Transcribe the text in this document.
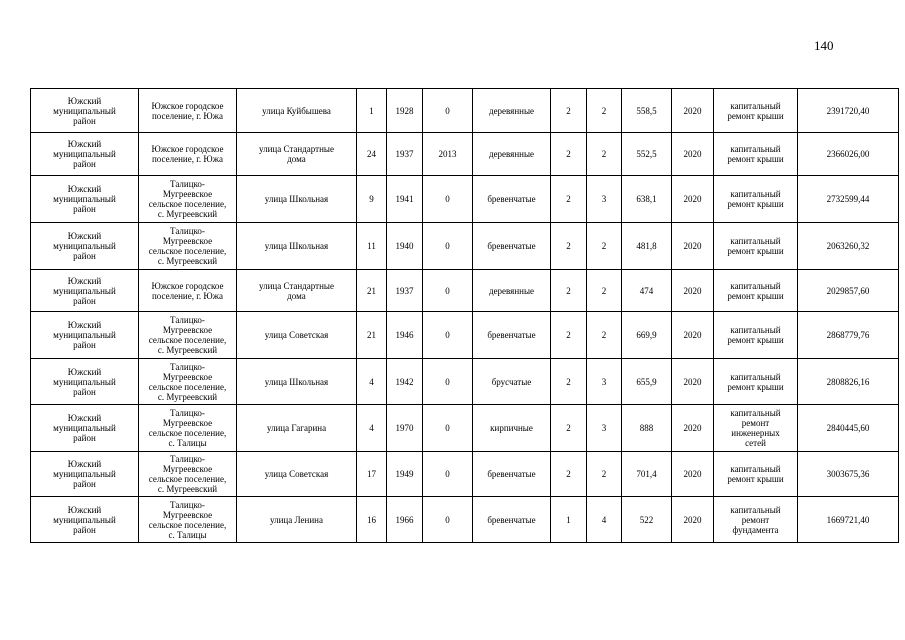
140
Южский
муниципальный
район	Южское городское
поселение, г. Южа	улица Куйбышева	1	1928	0	деревянные	2	2	558,5	2020	капитальный
ремонт крыши	2391720,40

Южский
муниципальный
район	Южское городское
поселение, г. Южа	улица Стандартные
дома	24	1937	2013	деревянные	2	2	552,5	2020	капитальный
ремонт крыши	2366026,00

Южский
муниципальный
район	Талицко-
Мугреевское
сельское поселение,
с. Мугреевский	улица Школьная	9	1941	0	бревенчатые	2	3	638,1	2020	капитальный
ремонт крыши	2732599,44

Южский
муниципальный
район	Талицко-
Мугреевское
сельское поселение,
с. Мугреевский	улица Школьная	11	1940	0	бревенчатые	2	2	481,8	2020	капитальный
ремонт крыши	2063260,32

Южский
муниципальный
район	Южское городское
поселение, г. Южа	улица Стандартные
дома	21	1937	0	деревянные	2	2	474	2020	капитальный
ремонт крыши	2029857,60

Южский
муниципальный
район	Талицко-
Мугреевское
сельское поселение,
с. Мугреевский	улица Советская	21	1946	0	бревенчатые	2	2	669,9	2020	капитальный
ремонт крыши	2868779,76

Южский
муниципальный
район	Талицко-
Мугреевское
сельское поселение,
с. Мугреевский	улица Школьная	4	1942	0	брусчатые	2	3	655,9	2020	капитальный
ремонт крыши	2808826,16

Южский
муниципальный
район	Талицко-
Мугреевское
сельское поселение,
с. Талицы	улица Гагарина	4	1970	0	кирпичные	2	3	888	2020	капитальный
ремонт
инженерных
сетей	2840445,60

Южский
муниципальный
район	Талицко-
Мугреевское
сельское поселение,
с. Мугреевский	улица Советская	17	1949	0	бревенчатые	2	2	701,4	2020	капитальный
ремонт крыши	3003675,36

Южский
муниципальный
район	Талицко-
Мугреевское
сельское поселение,
с. Талицы	улица Ленина	16	1966	0	бревенчатые	1	4	522	2020	капитальный
ремонт
фундамента	1669721,40
